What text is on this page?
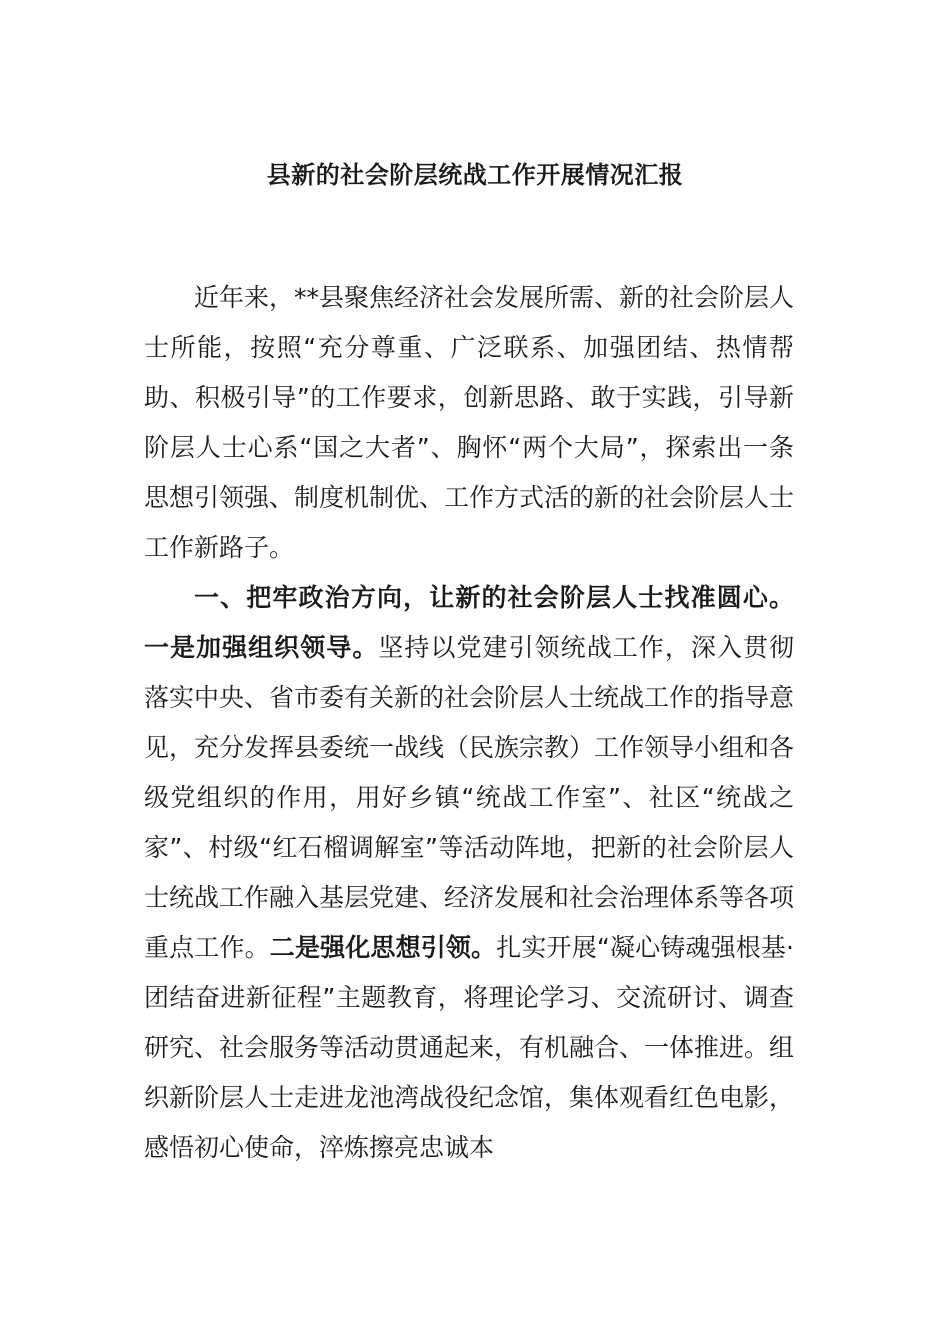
县新的社会阶层统战工作开展情况汇报

近年来，**县聚焦经济社会发展所需、新的社会阶层人士所能，按照“充分尊重、广泛联系、加强团结、热情帮助、积极引导”的工作要求，创新思路、敢于实践，引导新阶层人士心系“国之大者”、胸怀“两个大局”，探索出一条思想引领强、制度机制优、工作方式活的新的社会阶层人士工作新路子。

一、把牢政治方向，让新的社会阶层人士找准圆心。一是加强组织领导。坚持以党建引领统战工作，深入贯彻落实中央、省市委有关新的社会阶层人士统战工作的指导意见，充分发挥县委统一战线（民族宗教）工作领导小组和各级党组织的作用，用好乡镇“统战工作室”、社区“统战之家”、村级“红石榴调解室”等活动阵地，把新的社会阶层人士统战工作融入基层党建、经济发展和社会治理体系等各项重点工作。二是强化思想引领。扎实开展“凝心铸魂强根基·团结奋进新征程”主题教育，将理论学习、交流研讨、调查研究、社会服务等活动贯通起来，有机融合、一体推进。组织新阶层人士走进龙池湾战役纪念馆，集体观看红色电影，感悟初心使命，淬炼擦亮忠诚本
